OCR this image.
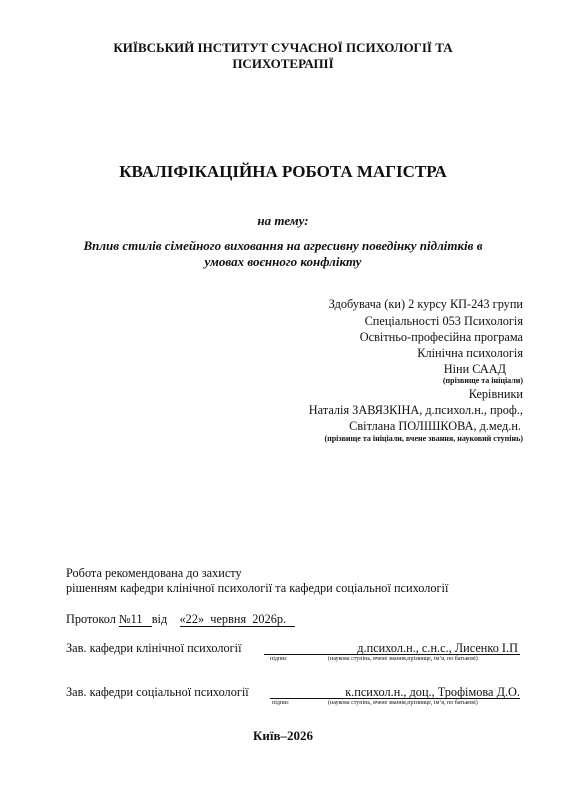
КИЇВСЬКИЙ ІНСТИТУТ СУЧАСНОЇ ПСИХОЛОГІЇ ТА
ПСИХОТЕРАПІЇ
КВАЛІФІКАЦІЙНА РОБОТА МАГІСТРА
на тему:
Вплив стилів сімейного виховання на агресивну поведінку підлітків в
умовах воєнного конфлікту
Здобувача (ки) 2 курсу КП-243 групи
Спеціальності 053 Психологія
Освітньо-професійна програма
Клінічна психологія
Ніни СААД
(прізвище та ініціали)
Керівники
Наталія ЗАВЯЗКІНА, д.психол.н., проф.,
Світлана ПОЛІШКОВА, д.мед.н.
(прізвище та ініціали, вчене звання, науковий ступінь)
Робота рекомендована до захисту
рішенням кафедри клінічної психології та кафедри соціальної психології
Протокол №11 від «22» червня 2026р.
Зав. кафедри клінічної психології	д.психол.н., с.н.с., Лисенко І.П
підпис	(наукова ступінь, вчене звання,прізвище, ім’я, по батькові)
Зав. кафедри соціальної психології	к.психол.н., доц., Трофімова Д.О.
підпис	(наукова ступінь, вчене звання,прізвище, ім’я, по батькові)
Київ–2026
